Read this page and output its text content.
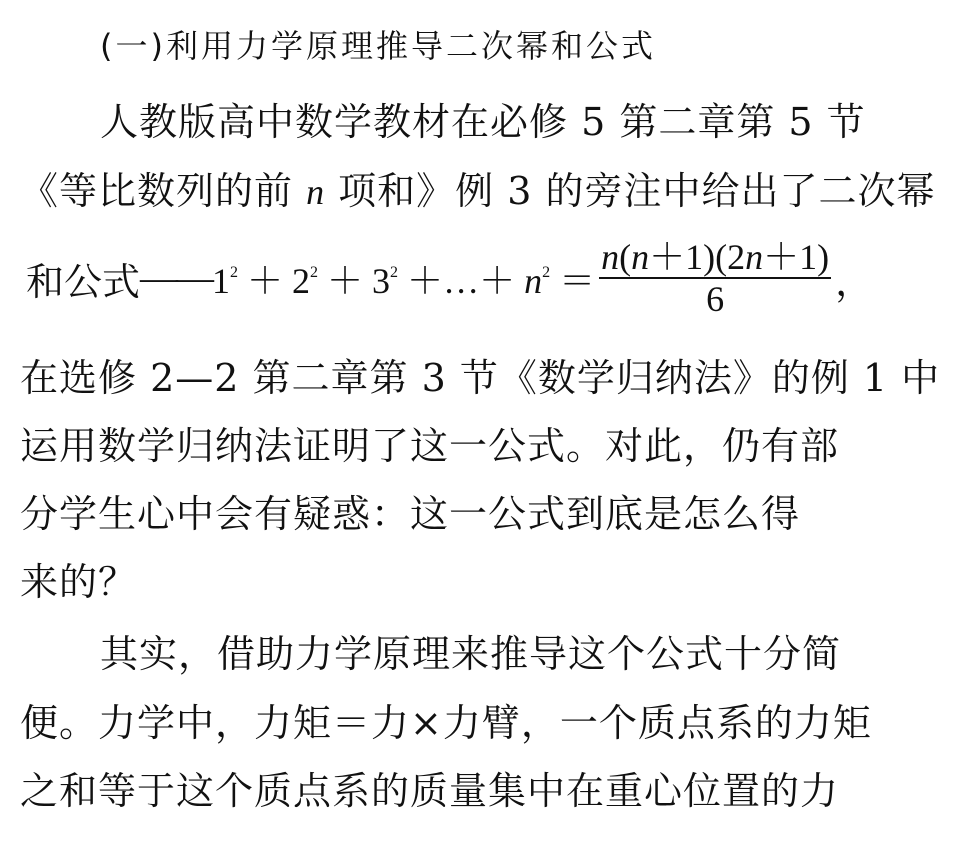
(一)利用力学原理推导二次幂和公式
人教版高中数学教材在必修 5 第二章第 5 节
《等比数列的前 n 项和》例 3 的旁注中给出了二次幂
和公式 —— $1^2 + 2^2 + 3^2$ ＋…＋ $n^2 = \frac{n(n+1)(2n+1)}{6}$ ，
在选修 2—2 第二章第 3 节《数学归纳法》的例 1 中
运用数学归纳法证明了这一公式。对此，仍有部
分学生心中会有疑惑：这一公式到底是怎么得
来的？
其实，借助力学原理来推导这个公式十分简
便。力学中，力矩＝力×力臂，一个质点系的力矩
之和等于这个质点系的质量集中在重心位置的力
